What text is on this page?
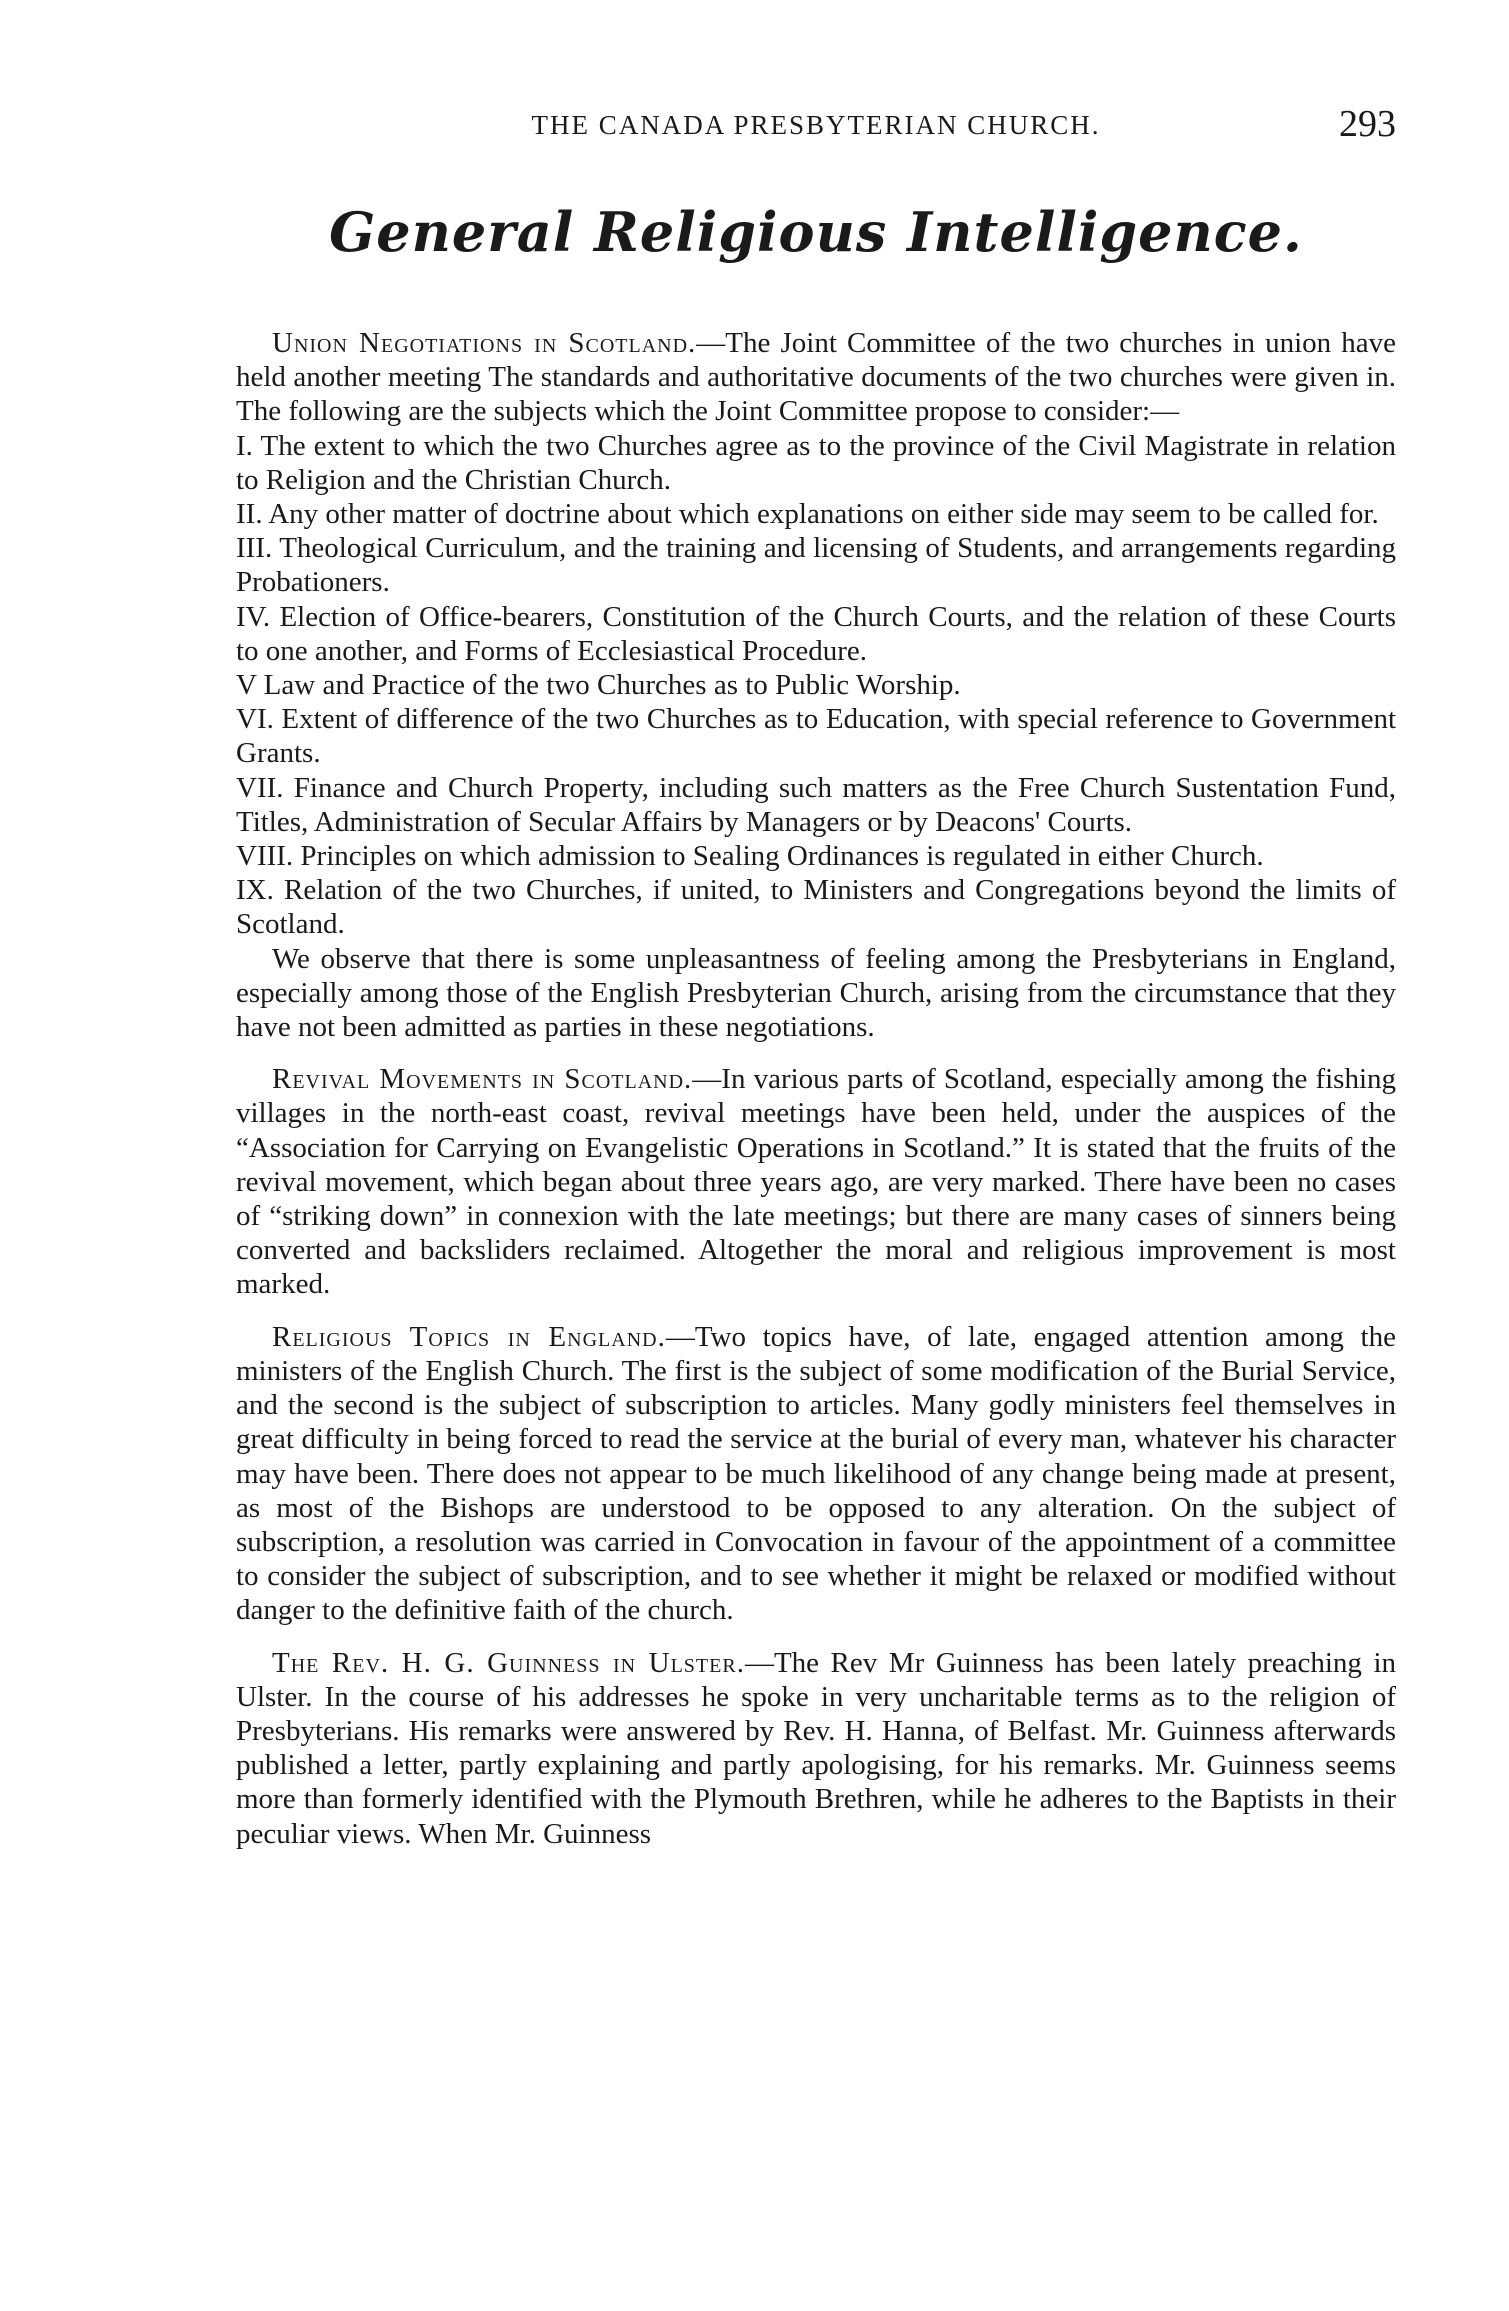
THE CANADA PRESBYTERIAN CHURCH.	293
General Religious Intelligence.

Union Negotiations in Scotland.—The Joint Committee of the two churches in union have held another meeting The standards and authoritative documents of the two churches were given in. The following are the subjects which the Joint Committee propose to consider:—

I. The extent to which the two Churches agree as to the province of the Civil Magistrate in relation to Religion and the Christian Church.

II. Any other matter of doctrine about which explanations on either side may seem to be called for.

III. Theological Curriculum, and the training and licensing of Students, and arrangements regarding Probationers.

IV. Election of Office-bearers, Constitution of the Church Courts, and the relation of these Courts to one another, and Forms of Ecclesiastical Procedure.

V Law and Practice of the two Churches as to Public Worship.

VI. Extent of difference of the two Churches as to Education, with special reference to Government Grants.

VII. Finance and Church Property, including such matters as the Free Church Sustentation Fund, Titles, Administration of Secular Affairs by Managers or by Deacons' Courts.

VIII. Principles on which admission to Sealing Ordinances is regulated in either Church.

IX. Relation of the two Churches, if united, to Ministers and Congregations beyond the limits of Scotland.

We observe that there is some unpleasantness of feeling among the Presbyterians in England, especially among those of the English Presbyterian Church, arising from the circumstance that they have not been admitted as parties in these negotiations.

Revival Movements in Scotland.—In various parts of Scotland, especially among the fishing villages in the north-east coast, revival meetings have been held, under the auspices of the “Association for Carrying on Evangelistic Operations in Scotland.” It is stated that the fruits of the revival movement, which began about three years ago, are very marked. There have been no cases of “striking down” in connexion with the late meetings; but there are many cases of sinners being converted and backsliders reclaimed. Altogether the moral and religious improvement is most marked.

Religious Topics in England.—Two topics have, of late, engaged attention among the ministers of the English Church. The first is the subject of some modification of the Burial Service, and the second is the subject of subscription to articles. Many godly ministers feel themselves in great difficulty in being forced to read the service at the burial of every man, whatever his character may have been. There does not appear to be much likelihood of any change being made at present, as most of the Bishops are understood to be opposed to any alteration. On the subject of subscription, a resolution was carried in Convocation in favour of the appointment of a committee to consider the subject of subscription, and to see whether it might be relaxed or modified without danger to the definitive faith of the church.

The Rev. H. G. Guinness in Ulster.—The Rev Mr Guinness has been lately preaching in Ulster. In the course of his addresses he spoke in very uncharitable terms as to the religion of Presbyterians. His remarks were answered by Rev. H. Hanna, of Belfast. Mr. Guinness afterwards published a letter, partly explaining and partly apologising, for his remarks. Mr. Guinness seems more than formerly identified with the Plymouth Brethren, while he adheres to the Baptists in their peculiar views. When Mr. Guinness
